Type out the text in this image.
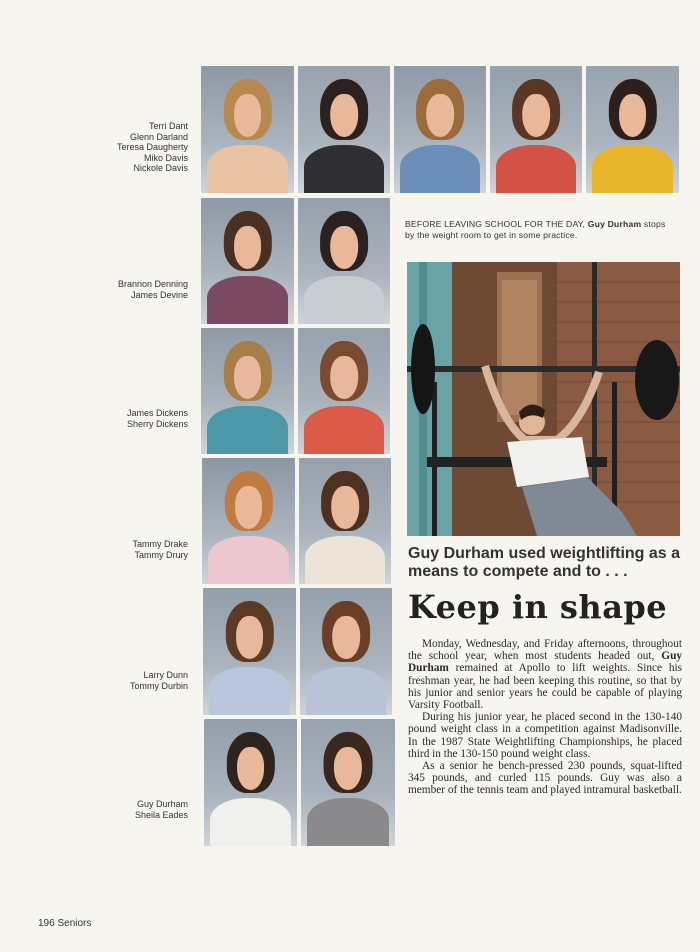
Terri Dant
Glenn Darland
Teresa Daugherty
Miko Davis
Nickole Davis
Brannon Denning
James Devine
James Dickens
Sherry Dickens
Tammy Drake
Tammy Drury
Larry Dunn
Tommy Durbin
Guy Durham
Sheila Eades
BEFORE LEAVING SCHOOL FOR THE DAY, Guy Durham stops by the weight room to get in some practice.
Guy Durham used weightlifting as a means to compete and to . . .
Keep in shape

Monday, Wednesday, and Friday afternoons, throughout the school year, when most students headed out, Guy Durham remained at Apollo to lift weights. Since his freshman year, he had been keeping this routine, so that by his junior and senior years he could be capable of playing Varsity Football.

During his junior year, he placed second in the 130-140 pound weight class in a competition against Madisonville. In the 1987 State Weightlifting Championships, he placed third in the 130-150 pound weight class.

As a senior he bench-pressed 230 pounds, squat-lifted 345 pounds, and curled 115 pounds. Guy was also a member of the tennis team and played intramural basketball.

196 Seniors
